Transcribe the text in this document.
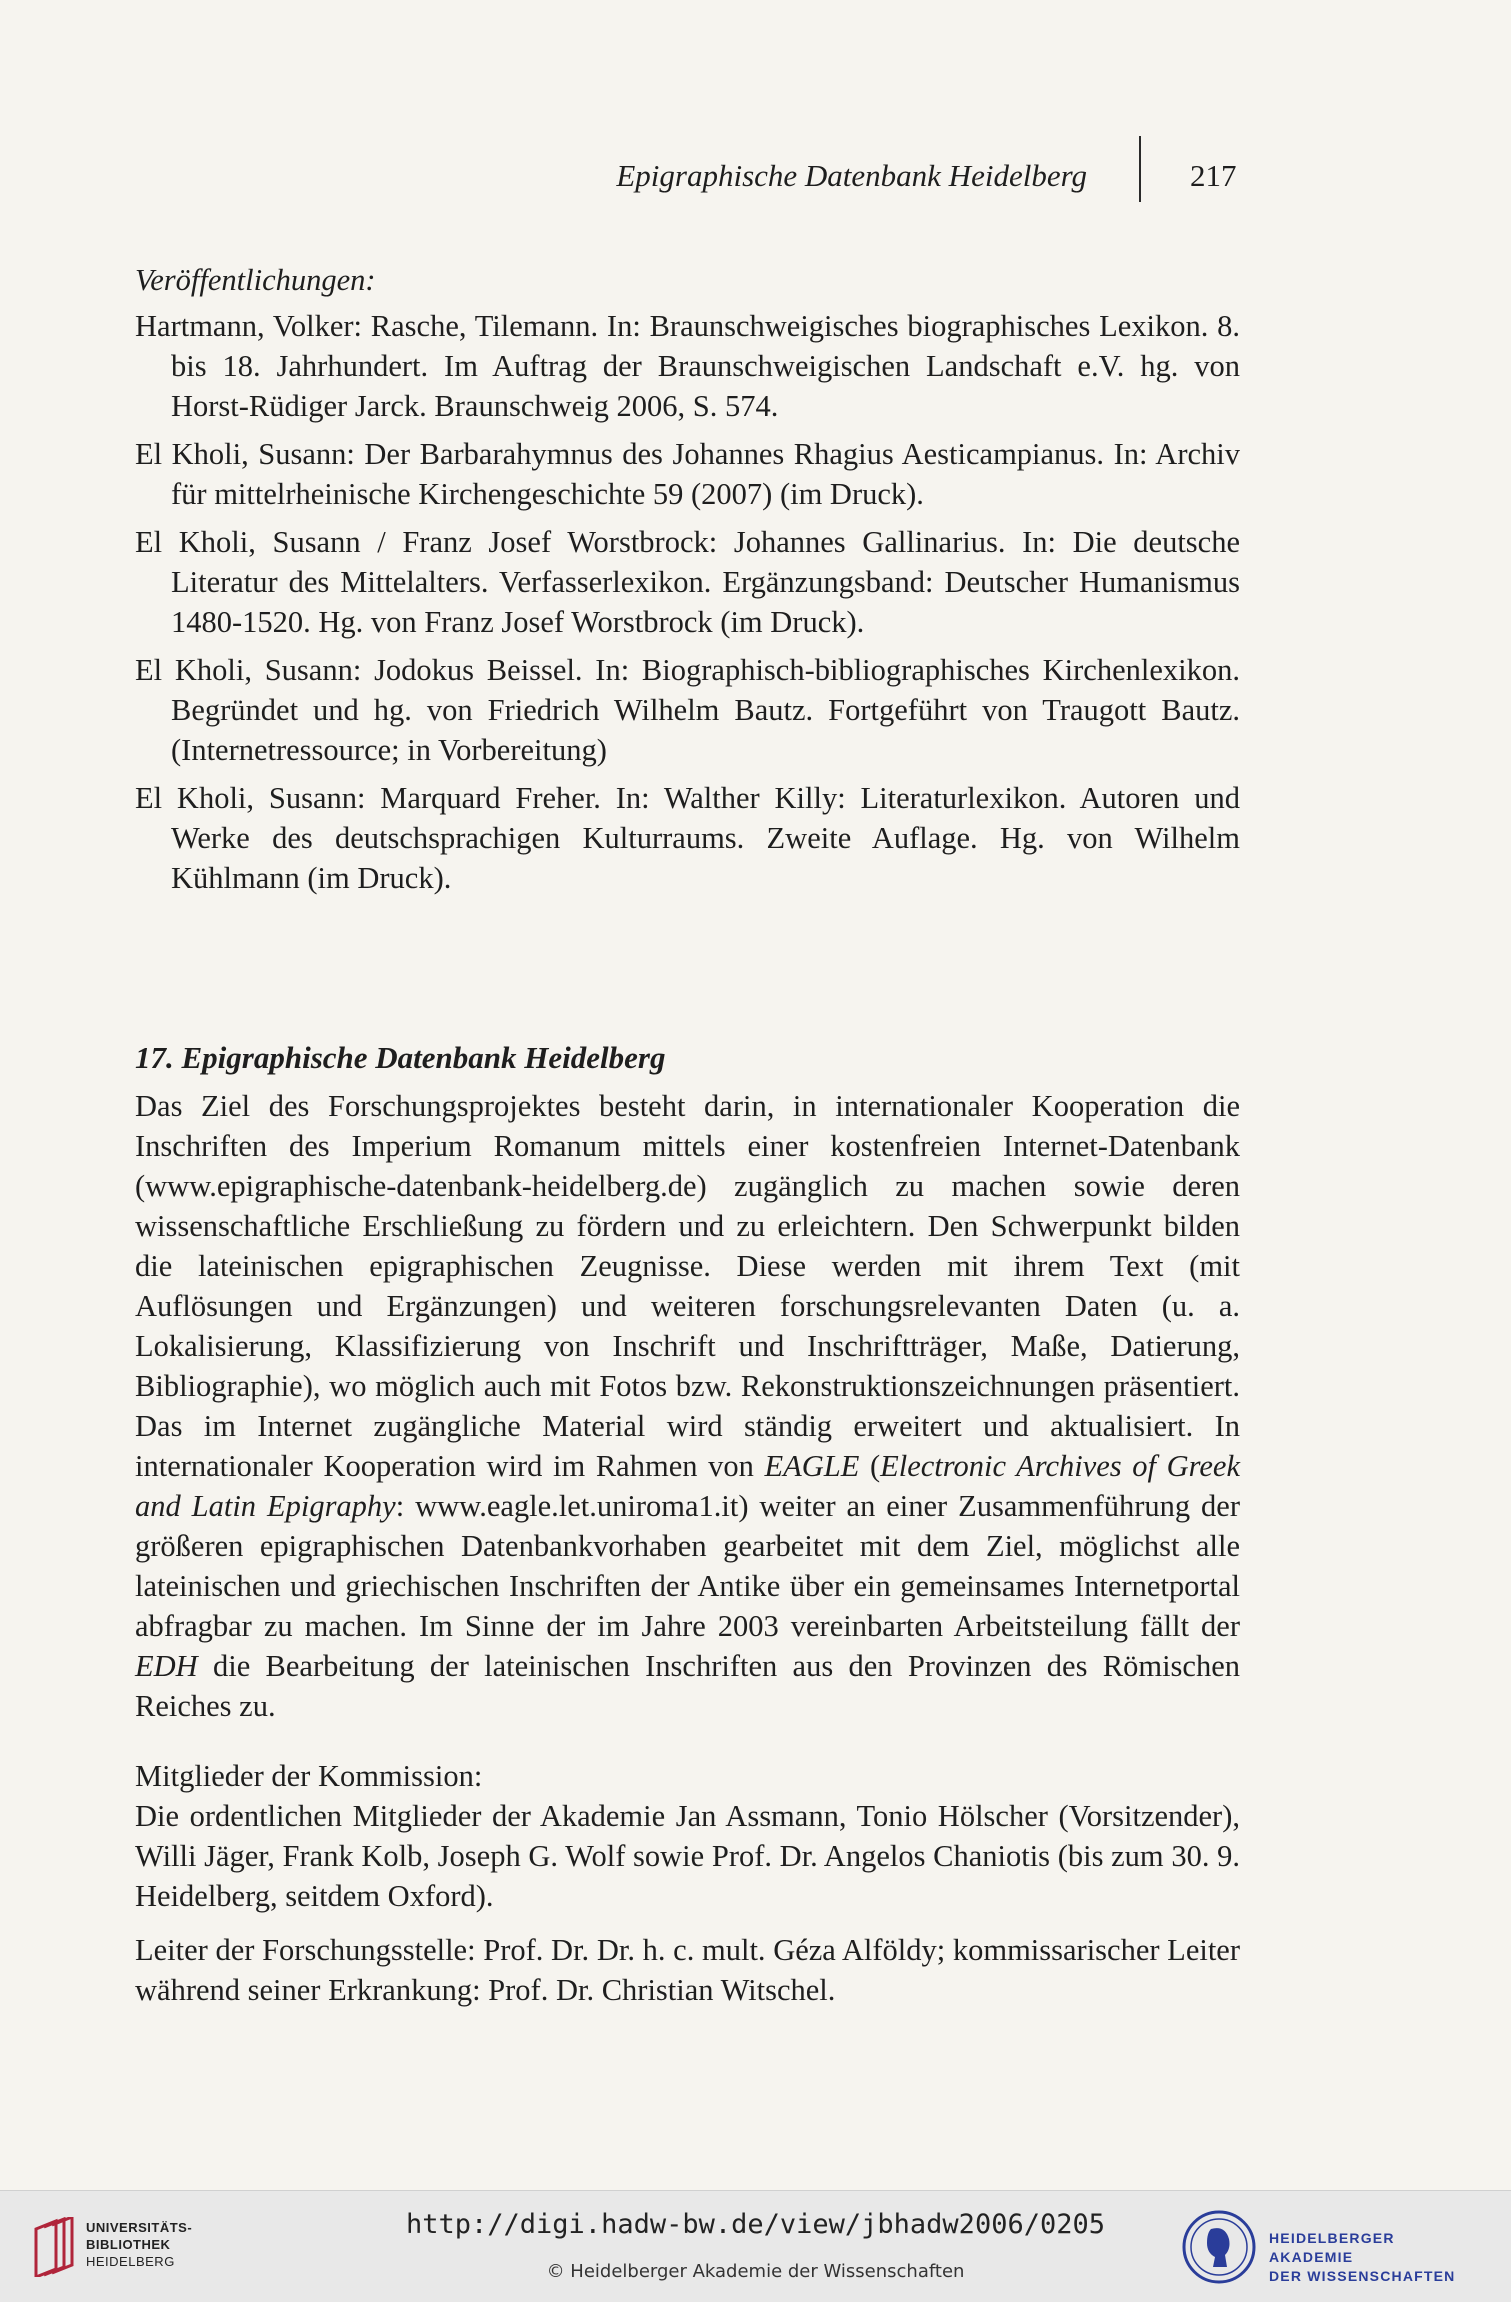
Epigraphische Datenbank Heidelberg	217

Veröffentlichungen:

Hartmann, Volker: Rasche, Tilemann. In: Braunschweigisches biographisches Lexikon. 8. bis 18. Jahrhundert. Im Auftrag der Braunschweigischen Landschaft e.V. hg. von Horst-Rüdiger Jarck. Braunschweig 2006, S. 574.

El Kholi, Susann: Der Barbarahymnus des Johannes Rhagius Aesticampianus. In: Archiv für mittelrheinische Kirchengeschichte 59 (2007) (im Druck).

El Kholi, Susann / Franz Josef Worstbrock: Johannes Gallinarius. In: Die deutsche Literatur des Mittelalters. Verfasserlexikon. Ergänzungsband: Deutscher Humanismus 1480-1520. Hg. von Franz Josef Worstbrock (im Druck).

El Kholi, Susann: Jodokus Beissel. In: Biographisch-bibliographisches Kirchenlexikon. Begründet und hg. von Friedrich Wilhelm Bautz. Fortgeführt von Traugott Bautz. (Internetressource; in Vorbereitung)

El Kholi, Susann: Marquard Freher. In: Walther Killy: Literaturlexikon. Autoren und Werke des deutschsprachigen Kulturraums. Zweite Auflage. Hg. von Wilhelm Kühlmann (im Druck).

17. Epigraphische Datenbank Heidelberg

Das Ziel des Forschungsprojektes besteht darin, in internationaler Kooperation die Inschriften des Imperium Romanum mittels einer kostenfreien Internet-Datenbank (www.epigraphische-datenbank-heidelberg.de) zugänglich zu machen sowie deren wissenschaftliche Erschließung zu fördern und zu erleichtern. Den Schwerpunkt bilden die lateinischen epigraphischen Zeugnisse. Diese werden mit ihrem Text (mit Auflösungen und Ergänzungen) und weiteren forschungsrelevanten Daten (u. a. Lokalisierung, Klassifizierung von Inschrift und Inschriftträger, Maße, Datierung, Bibliographie), wo möglich auch mit Fotos bzw. Rekonstruktionszeichnungen präsentiert. Das im Internet zugängliche Material wird ständig erweitert und aktualisiert. In internationaler Kooperation wird im Rahmen von EAGLE (Electronic Archives of Greek and Latin Epigraphy: www.eagle.let.uniroma1.it) weiter an einer Zusammenführung der größeren epigraphischen Datenbankvorhaben gearbeitet mit dem Ziel, möglichst alle lateinischen und griechischen Inschriften der Antike über ein gemeinsames Internetportal abfragbar zu machen. Im Sinne der im Jahre 2003 vereinbarten Arbeitsteilung fällt der EDH die Bearbeitung der lateinischen Inschriften aus den Provinzen des Römischen Reiches zu.

Mitglieder der Kommission:

Die ordentlichen Mitglieder der Akademie Jan Assmann, Tonio Hölscher (Vorsitzender), Willi Jäger, Frank Kolb, Joseph G. Wolf sowie Prof. Dr. Angelos Chaniotis (bis zum 30. 9. Heidelberg, seitdem Oxford).

Leiter der Forschungsstelle: Prof. Dr. Dr. h. c. mult. Géza Alföldy; kommissarischer Leiter während seiner Erkrankung: Prof. Dr. Christian Witschel.

UNIVERSITÄTS-
BIBLIOTHEK
HEIDELBERG
http://digi.hadw-bw.de/view/jbhadw2006/0205
© Heidelberger Akademie der Wissenschaften
HEIDELBERGER AKADEMIE
DER WISSENSCHAFTEN
